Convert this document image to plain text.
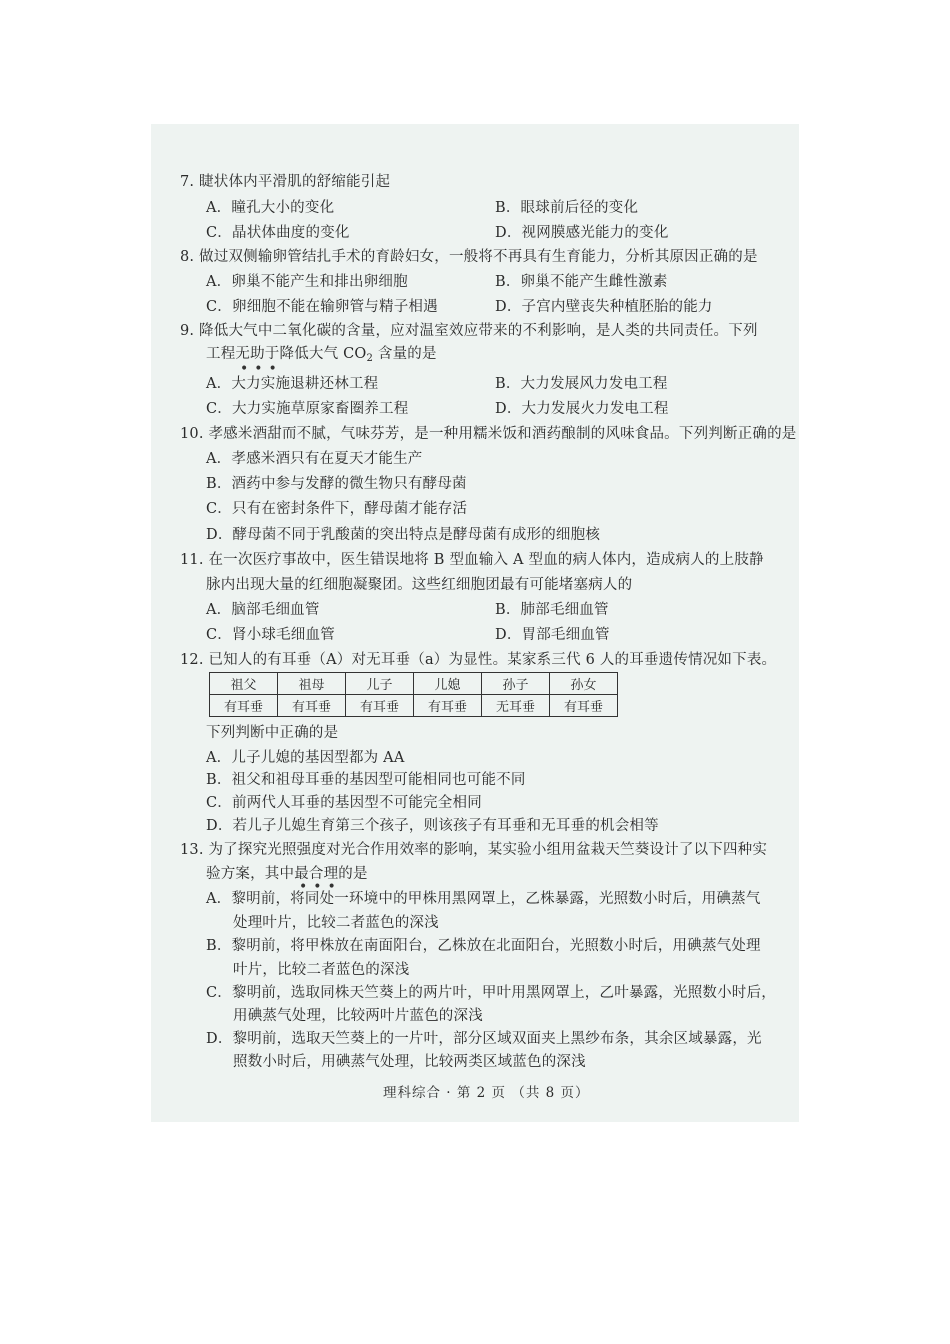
7. 睫状体内平滑肌的舒缩能引起
A．瞳孔大小的变化	B．眼球前后径的变化
C．晶状体曲度的变化	D．视网膜感光能力的变化
8. 做过双侧输卵管结扎手术的育龄妇女，一般将不再具有生育能力，分析其原因正确的是
A．卵巢不能产生和排出卵细胞	B．卵巢不能产生雌性激素
C．卵细胞不能在输卵管与精子相遇	D．子宫内壁丧失种植胚胎的能力
9. 降低大气中二氧化碳的含量，应对温室效应带来的不利影响，是人类的共同责任。下列
工程无助于降低大气 $CO_2$ 含量的是
•••
A．大力实施退耕还林工程	B．大力发展风力发电工程
C．大力实施草原家畜圈养工程	D．大力发展火力发电工程
10. 孝感米酒甜而不腻，气味芬芳，是一种用糯米饭和酒药酿制的风味食品。下列判断正确的是
A．孝感米酒只有在夏天才能生产
B．酒药中参与发酵的微生物只有酵母菌
C．只有在密封条件下，酵母菌才能存活
D．酵母菌不同于乳酸菌的突出特点是酵母菌有成形的细胞核
11. 在一次医疗事故中，医生错误地将 B 型血输入 A 型血的病人体内，造成病人的上肢静
脉内出现大量的红细胞凝聚团。这些红细胞团最有可能堵塞病人的
A．脑部毛细血管	B．肺部毛细血管
C．肾小球毛细血管	D．胃部毛细血管
12. 已知人的有耳垂（A）对无耳垂（a）为显性。某家系三代 6 人的耳垂遗传情况如下表。
祖父	祖母	儿子	儿媳	孙子	孙女
有耳垂	有耳垂	有耳垂	有耳垂	无耳垂	有耳垂
下列判断中正确的是
A．儿子儿媳的基因型都为 AA
B．祖父和祖母耳垂的基因型可能相同也可能不同
C．前两代人耳垂的基因型不可能完全相同
D．若儿子儿媳生育第三个孩子，则该孩子有耳垂和无耳垂的机会相等
13. 为了探究光照强度对光合作用效率的影响，某实验小组用盆栽天竺葵设计了以下四种实
验方案，其中最合理的是
•••
A．黎明前，将同处一环境中的甲株用黑网罩上，乙株暴露，光照数小时后，用碘蒸气
处理叶片，比较二者蓝色的深浅
B．黎明前，将甲株放在南面阳台，乙株放在北面阳台，光照数小时后，用碘蒸气处理
叶片，比较二者蓝色的深浅
C．黎明前，选取同株天竺葵上的两片叶，甲叶用黑网罩上，乙叶暴露，光照数小时后，
用碘蒸气处理，比较两叶片蓝色的深浅
D．黎明前，选取天竺葵上的一片叶，部分区域双面夹上黑纱布条，其余区域暴露，光
照数小时后，用碘蒸气处理，比较两类区域蓝色的深浅
理科综合 · 第 2 页 （共 8 页）
